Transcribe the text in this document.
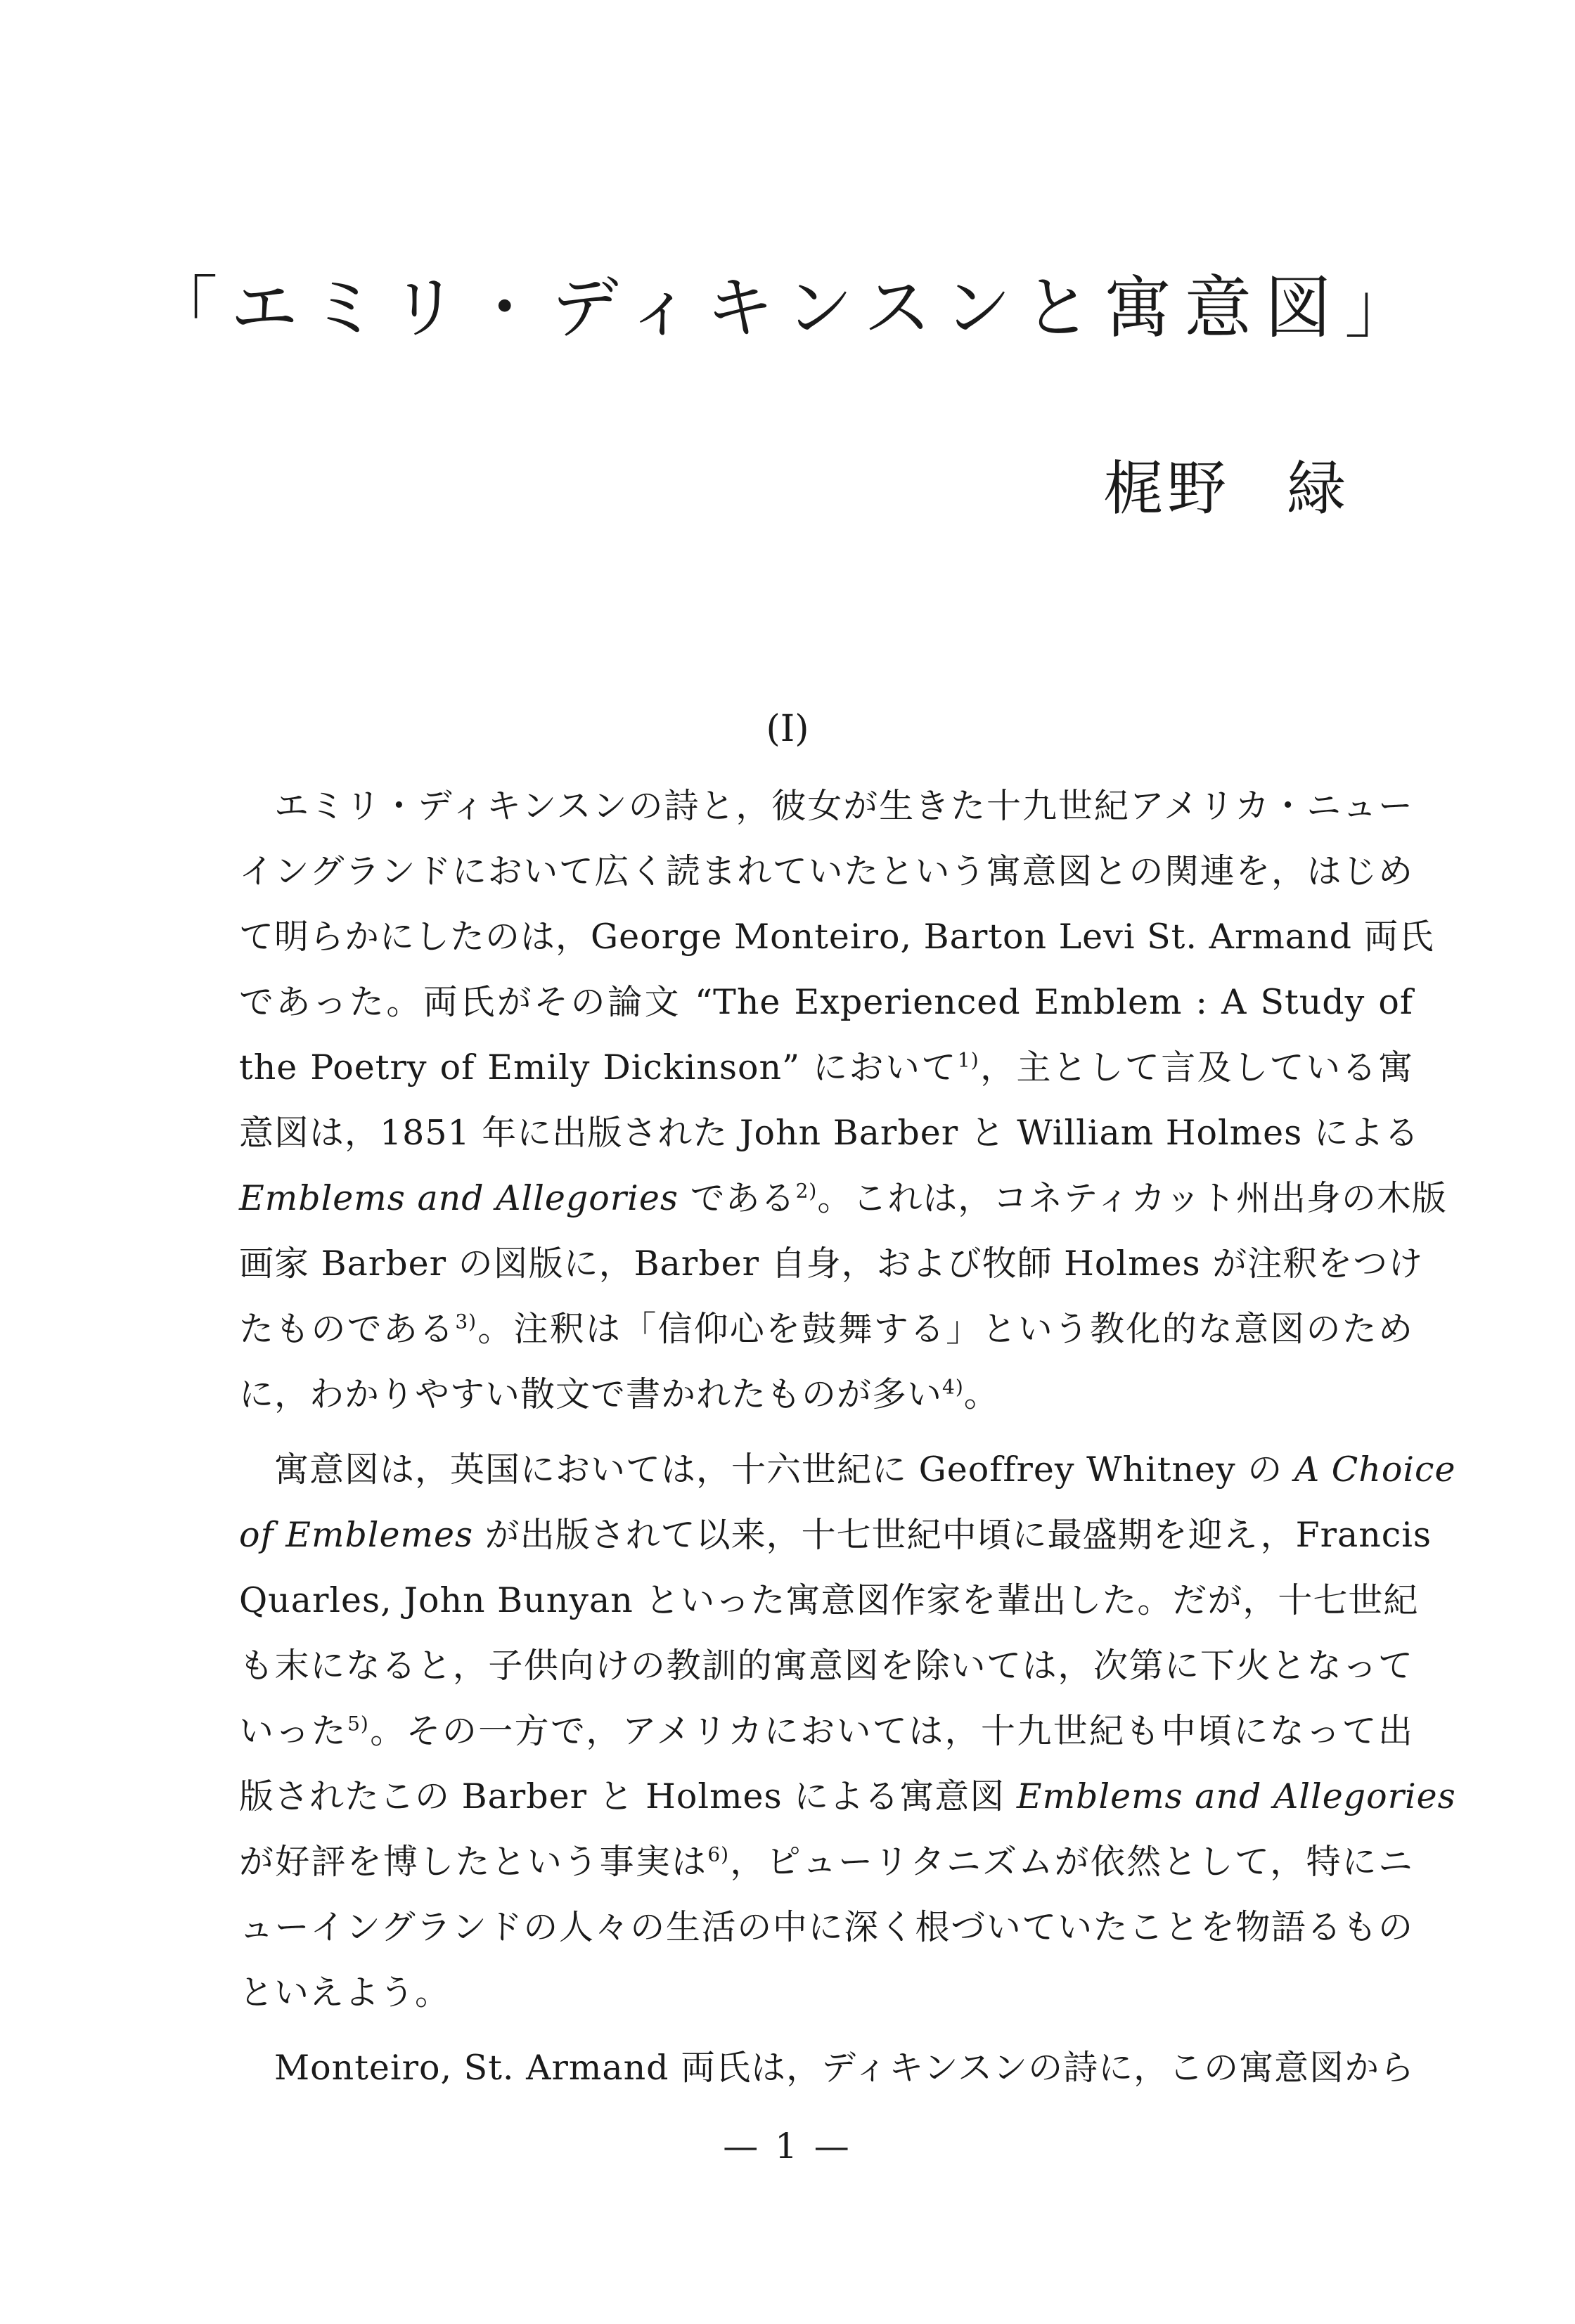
「エミリ・ディキンスンと寓意図」
梶野 緑
(I)
エミリ・ディキンスンの詩と，彼女が生きた十九世紀アメリカ・ニュー
イングランドにおいて広く読まれていたという寓意図との関連を，はじめ
て明らかにしたのは，George Monteiro, Barton Levi St. Armand 両氏
であった。両氏がその論文 “The Experienced Emblem : A Study of
the Poetry of Emily Dickinson” において$^{1)}$，主として言及している寓
意図は，1851 年に出版された John Barber と William Holmes による
Emblems and Allegories である$^{2)}$。これは，コネティカット州出身の木版
画家 Barber の図版に，Barber 自身，および牧師 Holmes が注釈をつけ
たものである$^{3)}$。注釈は「信仰心を鼓舞する」という教化的な意図のため
に，わかりやすい散文で書かれたものが多い$^{4)}$。
寓意図は，英国においては，十六世紀に Geoffrey Whitney の A Choice
of Emblemes が出版されて以来，十七世紀中頃に最盛期を迎え，Francis
Quarles, John Bunyan といった寓意図作家を輩出した。だが，十七世紀
も末になると，子供向けの教訓的寓意図を除いては，次第に下火となって
いった$^{5)}$。その一方で，アメリカにおいては，十九世紀も中頃になって出
版されたこの Barber と Holmes による寓意図 Emblems and Allegories
が好評を博したという事実は$^{6)}$，ピューリタニズムが依然として，特にニ
ューイングランドの人々の生活の中に深く根づいていたことを物語るもの
といえよう。
Monteiro, St. Armand 両氏は，ディキンスンの詩に，この寓意図から
— 1 —
